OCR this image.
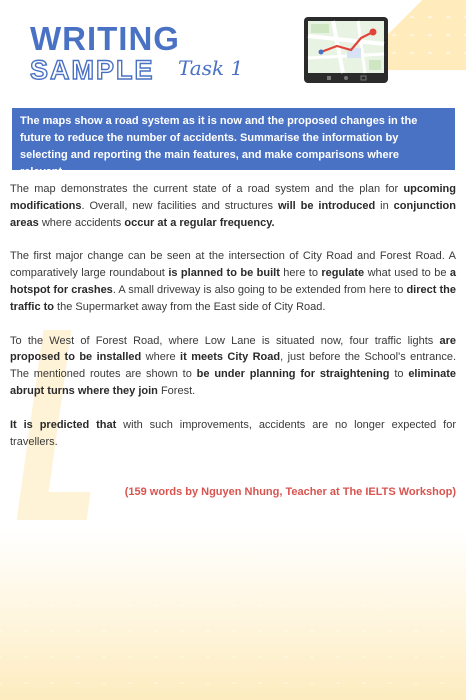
WRITING
SAMPLE Task 1
The maps show a road system as it is now and the proposed changes in the future to reduce the number of accidents. Summarise the information by selecting and reporting the main features, and make comparisons where relevant.

The map demonstrates the current state of a road system and the plan for upcoming modifications. Overall, new facilities and structures will be introduced in conjunction areas where accidents occur at a regular frequency.

The first major change can be seen at the intersection of City Road and Forest Road. A comparatively large roundabout is planned to be built here to regulate what used to be a hotspot for crashes. A small driveway is also going to be extended from here to direct the traffic to the Supermarket away from the East side of City Road.

To the West of Forest Road, where Low Lane is situated now, four traffic lights are proposed to be installed where it meets City Road, just before the School's entrance. The mentioned routes are shown to be under planning for straightening to eliminate abrupt turns where they join Forest.

It is predicted that with such improvements, accidents are no longer expected for travellers.

(159 words by Nguyen Nhung, Teacher at The IELTS Workshop)
